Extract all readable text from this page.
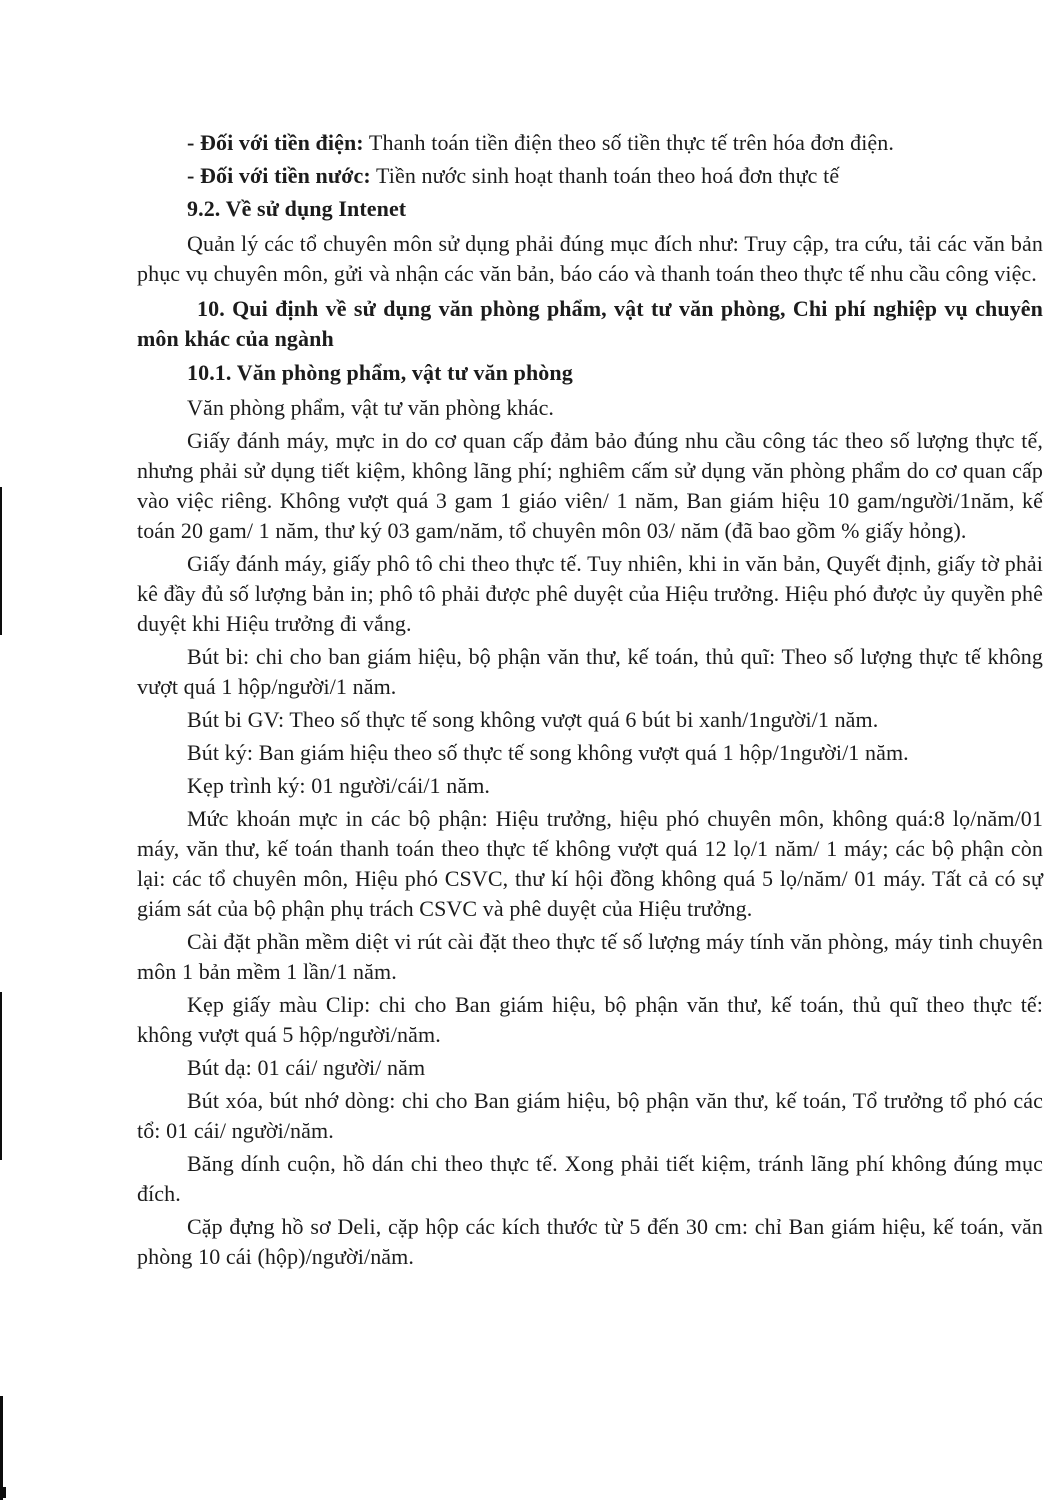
- Đối với tiền điện: Thanh toán tiền điện theo số tiền thực tế trên hóa đơn điện.

- Đối với tiền nước: Tiền nước sinh hoạt thanh toán theo hoá đơn thực tế

9.2. Về sử dụng Intenet

Quản lý các tổ chuyên môn sử dụng phải đúng mục đích như: Truy cập, tra cứu, tải các văn bản phục vụ chuyên môn, gửi và nhận các văn bản, báo cáo và thanh toán theo thực tế nhu cầu công việc.

10. Qui định về sử dụng văn phòng phẩm, vật tư văn phòng, Chi phí nghiệp vụ chuyên môn khác của ngành

10.1. Văn phòng phẩm, vật tư văn phòng

Văn phòng phẩm, vật tư văn phòng khác.

Giấy đánh máy, mực in do cơ quan cấp đảm bảo đúng nhu cầu công tác theo số lượng thực tế, nhưng phải sử dụng tiết kiệm, không lãng phí; nghiêm cấm sử dụng văn phòng phẩm do cơ quan cấp vào việc riêng. Không vượt quá 3 gam 1 giáo viên/ 1 năm, Ban giám hiệu 10 gam/người/1năm, kế toán 20 gam/ 1 năm, thư ký 03 gam/năm, tổ chuyên môn 03/ năm (đã bao gồm % giấy hỏng).

Giấy đánh máy, giấy phô tô chi theo thực tế. Tuy nhiên, khi in văn bản, Quyết định, giấy tờ phải kê đầy đủ số lượng bản in; phô tô phải được phê duyệt của Hiệu trưởng. Hiệu phó được ủy quyền phê duyệt khi Hiệu trưởng đi vắng.

Bút bi: chi cho ban giám hiệu, bộ phận văn thư, kế toán, thủ quĩ: Theo số lượng thực tế không vượt quá 1 hộp/người/1 năm.

Bút bi GV: Theo số thực tế song không vượt quá 6 bút bi xanh/1người/1 năm.

Bút ký: Ban giám hiệu theo số thực tế song không vượt quá 1 hộp/1người/1 năm.

Kẹp trình ký: 01 người/cái/1 năm.

Mức khoán mực in các bộ phận: Hiệu trưởng, hiệu phó chuyên môn, không quá:8 lọ/năm/01 máy, văn thư, kế toán thanh toán theo thực tế không vượt quá 12 lọ/1 năm/ 1 máy; các bộ phận còn lại: các tổ chuyên môn, Hiệu phó CSVC, thư kí hội đồng không quá 5 lọ/năm/ 01 máy. Tất cả có sự giám sát của bộ phận phụ trách CSVC và phê duyệt của Hiệu trưởng.

Cài đặt phần mềm diệt vi rút cài đặt theo thực tế số lượng máy tính văn phòng, máy tinh chuyên môn 1 bản mềm 1 lần/1 năm.

Kẹp giấy màu Clip: chi cho Ban giám hiệu, bộ phận văn thư, kế toán, thủ quĩ theo thực tế: không vượt quá 5 hộp/người/năm.

Bút dạ: 01 cái/ người/ năm

Bút xóa, bút nhớ dòng: chi cho Ban giám hiệu, bộ phận văn thư, kế toán, Tổ trưởng tổ phó các tổ: 01 cái/ người/năm.

Băng dính cuộn, hồ dán chi theo thực tế. Xong phải tiết kiệm, tránh lãng phí không đúng mục đích.

Cặp đựng hồ sơ Deli, cặp hộp các kích thước từ 5 đến 30 cm: chỉ Ban giám hiệu, kế toán, văn phòng 10 cái (hộp)/người/năm.
